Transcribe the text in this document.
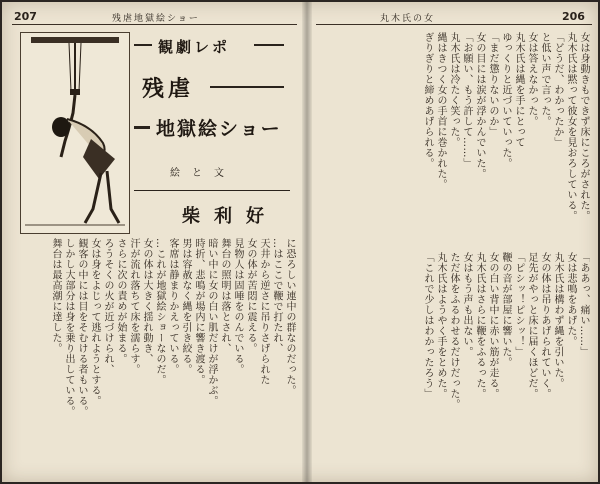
207	残虐地獄絵ショー
観劇レポ
残虐
地獄絵ショー
絵と文
柴利好
に恐ろしい連中の群なのだった。
…はここで鞭で打たれ、
天井から逆さに吊りさげられた
女の体が苦悶に震える。
見物人は固唾をのんでいる。
舞台の照明は落とされ、
暗い中に女の白い肌だけが浮かぶ。
時折、悲鳴が場内に響き渡る。
男は容赦なく縄を引き絞る。
客席は静まりかえっている。
…これが地獄絵ショーなのだ。
女の体は大きく揺れ動き、
汗が流れ落ちて床を濡らす。
さらに次の責めが始まる。
ろうそくの火が近づけられ、
女は身をよじって逃れようとする。
観客の中には目をそむける者もいる。
しかし大部分は身を乗り出している。
舞台は最高潮に達した。
丸木氏の女	206
女は身動きもできず床にころがされた。
丸木氏は黙って彼女を見おろしている。
「どうだ、わかったか」
と低い声で言った。
女は答えなかった。
丸木氏は縄を手にとって
ゆっくりと近づいていった。
「まだ懲りないのか」
女の目には涙が浮かんでいた。
「お願い、もう許して……」
丸木氏は冷たく笑った。
縄はきつく女の手首に巻かれた。
ぎりぎりと締めあげられる。
「ああっ、痛い……」
女は悲鳴をあげた。
丸木氏は構わず縄を引いた。
女の体は吊りあげられていく。
足先がやっと床に届くほどだ。
「ピシッ！ピシッ！」
鞭の音が部屋に響いた。
女の白い背中に赤い筋が走る。
丸木氏はさらに鞭をふるった。
女はもう声も出ない。
ただ体をふるわせるだけだった。
丸木氏はようやく手をとめた。
「これで少しはわかったろう」
